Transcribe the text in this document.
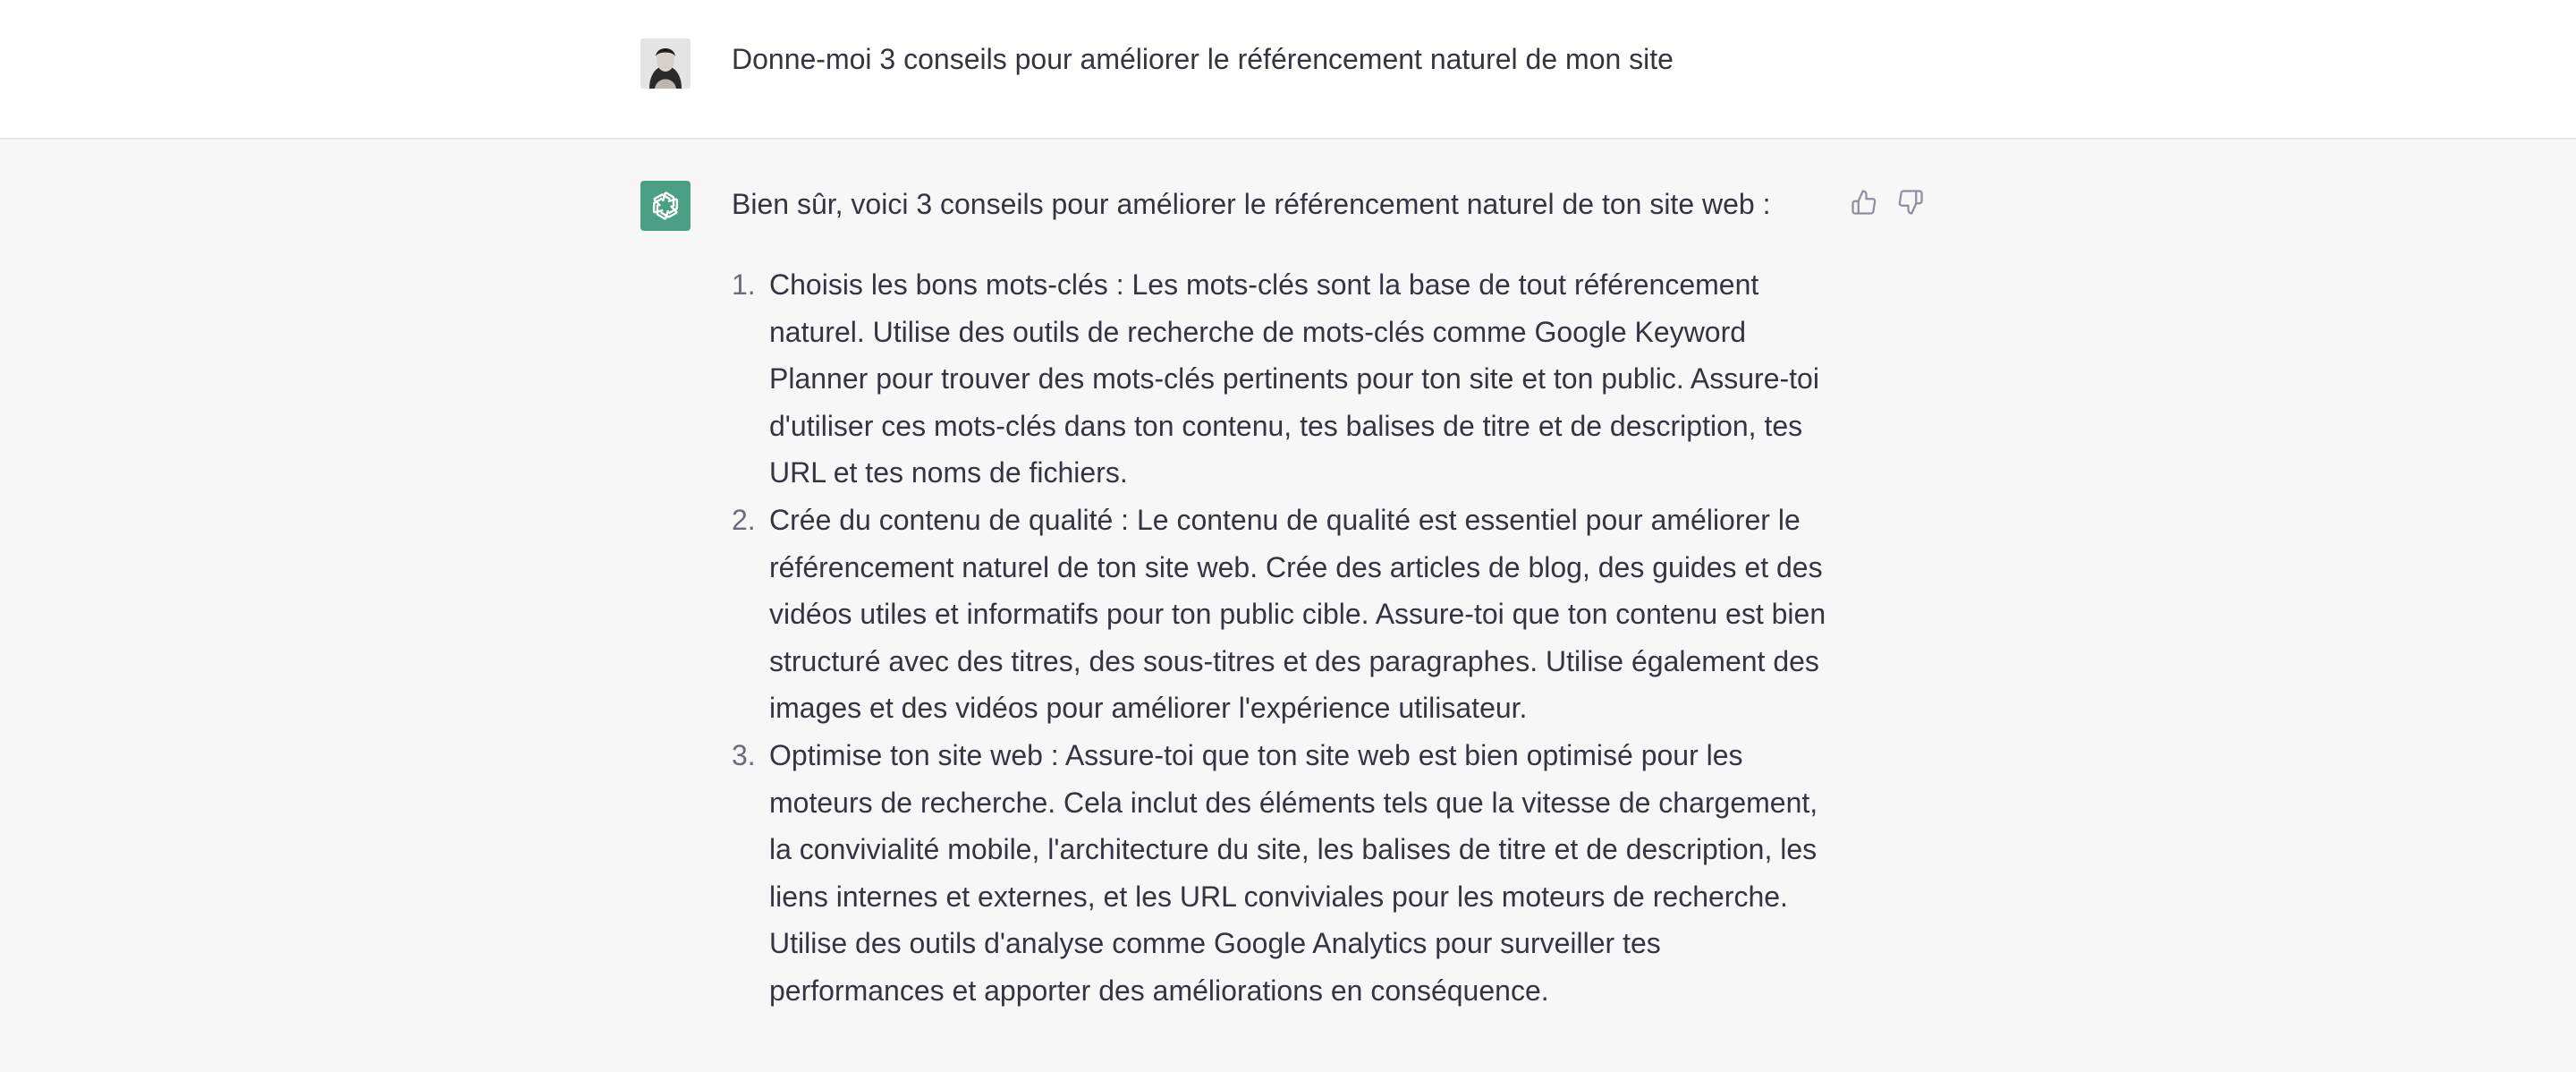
Donne-moi 3 conseils pour améliorer le référencement naturel de mon site
Bien sûr, voici 3 conseils pour améliorer le référencement naturel de ton site web :
1. Choisis les bons mots-clés : Les mots-clés sont la base de tout référencement naturel. Utilise des outils de recherche de mots-clés comme Google Keyword Planner pour trouver des mots-clés pertinents pour ton site et ton public. Assure-toi d'utiliser ces mots-clés dans ton contenu, tes balises de titre et de description, tes URL et tes noms de fichiers.
2. Crée du contenu de qualité : Le contenu de qualité est essentiel pour améliorer le référencement naturel de ton site web. Crée des articles de blog, des guides et des vidéos utiles et informatifs pour ton public cible. Assure-toi que ton contenu est bien structuré avec des titres, des sous-titres et des paragraphes. Utilise également des images et des vidéos pour améliorer l'expérience utilisateur.
3. Optimise ton site web : Assure-toi que ton site web est bien optimisé pour les moteurs de recherche. Cela inclut des éléments tels que la vitesse de chargement, la convivialité mobile, l'architecture du site, les balises de titre et de description, les liens internes et externes, et les URL conviviales pour les moteurs de recherche. Utilise des outils d'analyse comme Google Analytics pour surveiller tes performances et apporter des améliorations en conséquence.
